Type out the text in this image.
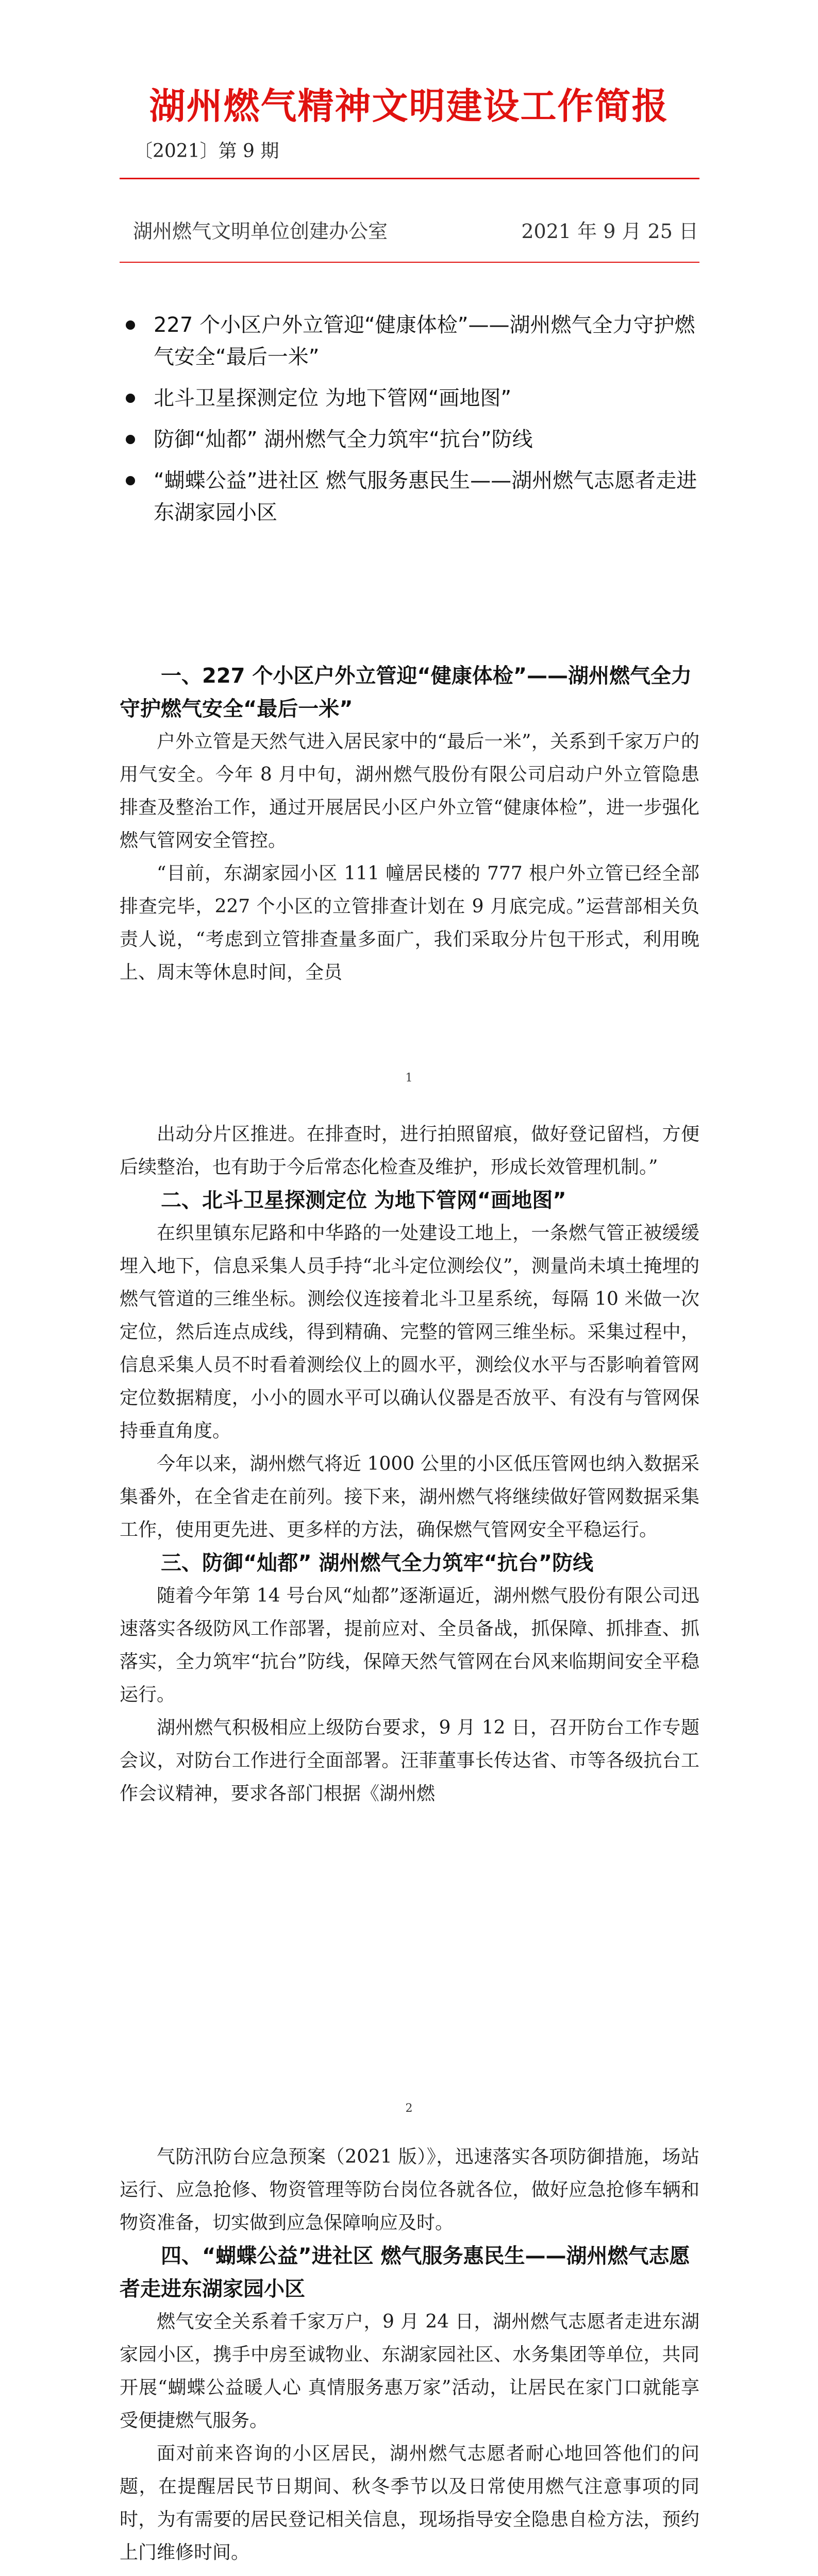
湖州燃气精神文明建设工作简报
〔2021〕第 9 期
湖州燃气文明单位创建办公室	2021 年 9 月 25 日
227 个小区户外立管迎“健康体检”——湖州燃气全力守护燃气安全“最后一米”
北斗卫星探测定位 为地下管网“画地图”
防御“灿都” 湖州燃气全力筑牢“抗台”防线
“蝴蝶公益”进社区 燃气服务惠民生——湖州燃气志愿者走进东湖家园小区

一、227 个小区户外立管迎“健康体检”——湖州燃气全力守护燃气安全“最后一米”

户外立管是天然气进入居民家中的“最后一米”，关系到千家万户的用气安全。今年 8 月中旬，湖州燃气股份有限公司启动户外立管隐患排查及整治工作，通过开展居民小区户外立管“健康体检”，进一步强化燃气管网安全管控。

“目前，东湖家园小区 111 幢居民楼的 777 根户外立管已经全部排查完毕，227 个小区的立管排查计划在 9 月底完成。”运营部相关负责人说，“考虑到立管排查量多面广，我们采取分片包干形式，利用晚上、周末等休息时间，全员

1

出动分片区推进。在排查时，进行拍照留痕，做好登记留档，方便后续整治，也有助于今后常态化检查及维护，形成长效管理机制。”

二、北斗卫星探测定位 为地下管网“画地图”

在织里镇东尼路和中华路的一处建设工地上，一条燃气管正被缓缓埋入地下，信息采集人员手持“北斗定位测绘仪”，测量尚未填土掩埋的燃气管道的三维坐标。测绘仪连接着北斗卫星系统，每隔 10 米做一次定位，然后连点成线，得到精确、完整的管网三维坐标。采集过程中，信息采集人员不时看着测绘仪上的圆水平，测绘仪水平与否影响着管网定位数据精度，小小的圆水平可以确认仪器是否放平、有没有与管网保持垂直角度。

今年以来，湖州燃气将近 1000 公里的小区低压管网也纳入数据采集番外，在全省走在前列。接下来，湖州燃气将继续做好管网数据采集工作，使用更先进、更多样的方法，确保燃气管网安全平稳运行。

三、防御“灿都” 湖州燃气全力筑牢“抗台”防线

随着今年第 14 号台风“灿都”逐渐逼近，湖州燃气股份有限公司迅速落实各级防风工作部署，提前应对、全员备战，抓保障、抓排查、抓落实，全力筑牢“抗台”防线，保障天然气管网在台风来临期间安全平稳运行。

湖州燃气积极相应上级防台要求，9 月 12 日，召开防台工作专题会议，对防台工作进行全面部署。汪菲董事长传达省、市等各级抗台工作会议精神，要求各部门根据《湖州燃

2

气防汛防台应急预案（2021 版）》，迅速落实各项防御措施，场站运行、应急抢修、物资管理等防台岗位各就各位，做好应急抢修车辆和物资准备，切实做到应急保障响应及时。

四、“蝴蝶公益”进社区 燃气服务惠民生——湖州燃气志愿者走进东湖家园小区

燃气安全关系着千家万户，9 月 24 日，湖州燃气志愿者走进东湖家园小区，携手中房至诚物业、东湖家园社区、水务集团等单位，共同开展“蝴蝶公益暖人心 真情服务惠万家”活动，让居民在家门口就能享受便捷燃气服务。

面对前来咨询的小区居民，湖州燃气志愿者耐心地回答他们的问题，在提醒居民节日期间、秋冬季节以及日常使用燃气注意事项的同时，为有需要的居民登记相关信息，现场指导安全隐患自检方法，预约上门维修时间。
